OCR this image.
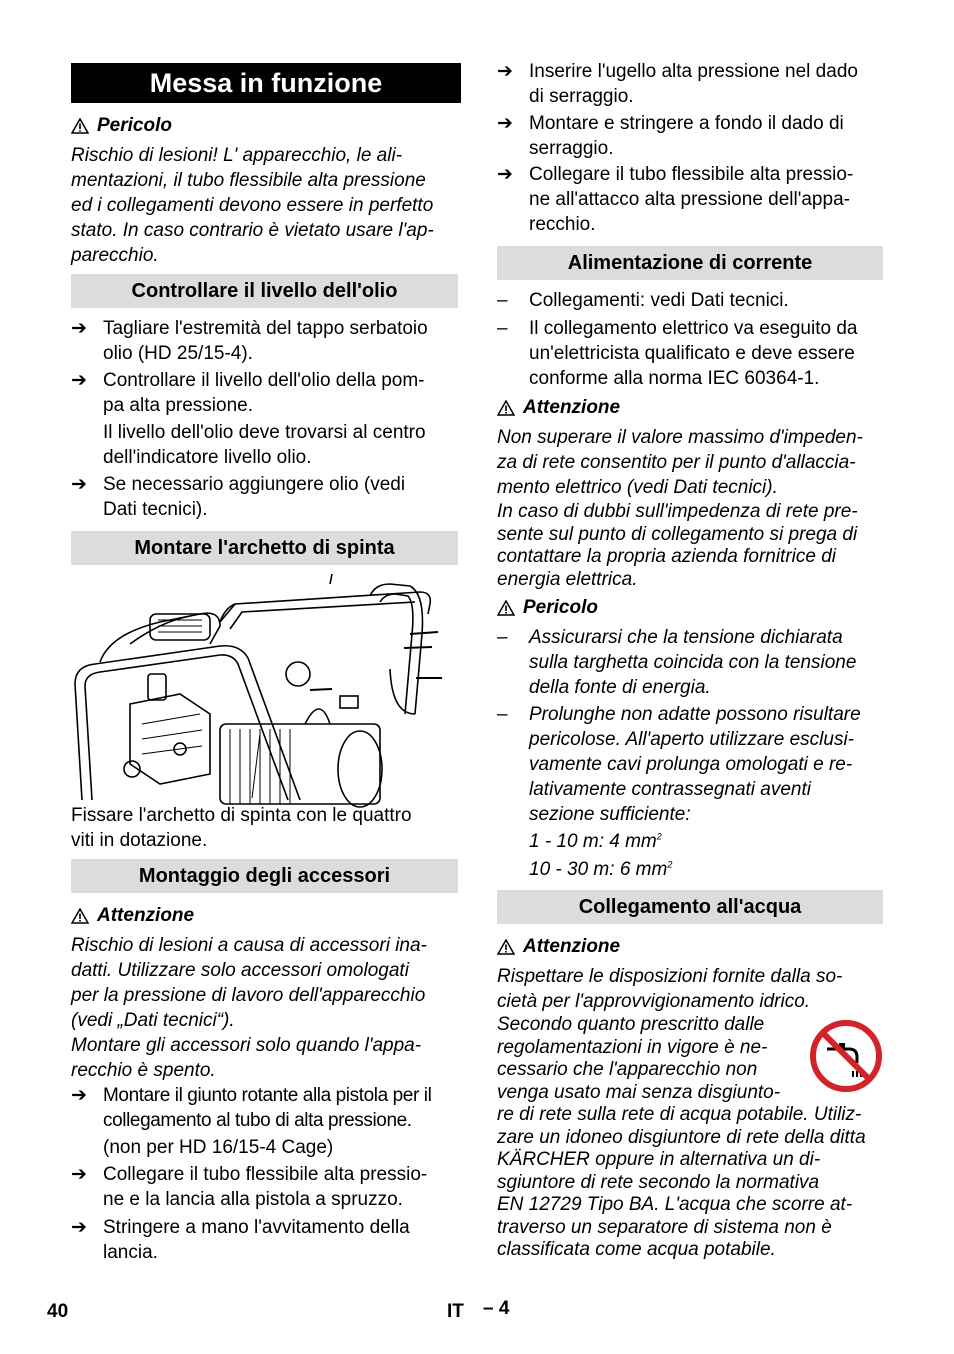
Messa in funzione
Pericolo
Rischio di lesioni! L' apparecchio, le ali-
mentazioni, il tubo flessibile alta pressione
ed i collegamenti devono essere in perfetto
stato. In caso contrario è vietato usare l'ap-
parecchio.
Controllare il livello dell'olio
➔ Tagliare l'estremità del tappo serbatoio
olio (HD 25/15-4).
➔ Controllare il livello dell'olio della pom-
pa alta pressione.
Il livello dell'olio deve trovarsi al centro
dell'indicatore livello olio.
➔ Se necessario aggiungere olio (vedi
Dati tecnici).
Montare l'archetto di spinta
Fissare l'archetto di spinta con le quattro
viti in dotazione.
Montaggio degli accessori
Attenzione
Rischio di lesioni a causa di accessori ina-
datti. Utilizzare solo accessori omologati
per la pressione di lavoro dell'apparecchio
(vedi „Dati tecnici“).
Montare gli accessori solo quando l'appa-
recchio è spento.
➔ Montare il giunto rotante alla pistola per il
collegamento al tubo di alta pressione.
(non per HD 16/15-4 Cage)
➔ Collegare il tubo flessibile alta pressio-
ne e la lancia alla pistola a spruzzo.
➔ Stringere a mano l'avvitamento della
lancia.
➔ Inserire l'ugello alta pressione nel dado
di serraggio.
➔ Montare e stringere a fondo il dado di
serraggio.
➔ Collegare il tubo flessibile alta pressio-
ne all'attacco alta pressione dell'appa-
recchio.
Alimentazione di corrente
–	Collegamenti: vedi Dati tecnici.
–	Il collegamento elettrico va eseguito da
un'elettricista qualificato e deve essere
conforme alla norma IEC 60364-1.
Attenzione
Non superare il valore massimo d'impeden-
za di rete consentito per il punto d'allaccia-
mento elettrico (vedi Dati tecnici).
In caso di dubbi sull'impedenza di rete pre-
sente sul punto di collegamento si prega di
contattare la propria azienda fornitrice di
energia elettrica.
Pericolo
–	Assicurarsi che la tensione dichiarata
sulla targhetta coincida con la tensione
della fonte di energia.
–	Prolunghe non adatte possono risultare
pericolose. All'aperto utilizzare esclusi-
vamente cavi prolunga omologati e re-
lativamente contrassegnati aventi
sezione sufficiente:
1 - 10 m: 4 $mm^2$
10 - 30 m: 6 $mm^2$
Collegamento all'acqua
Attenzione
Rispettare le disposizioni fornite dalla so-
cietà per l'approvvigionamento idrico.
Secondo quanto prescritto dalle
regolamentazioni in vigore è ne-
cessario che l'apparecchio non
venga usato mai senza disgiunto-
re di rete sulla rete di acqua potabile. Utiliz-
zare un idoneo disgiuntore di rete della ditta
KÄRCHER oppure in alternativa un di-
sgiuntore di rete secondo la normativa
EN 12729 Tipo BA. L'acqua che scorre at-
traverso un separatore di sistema non è
classificata come acqua potabile.
40	IT – 4
